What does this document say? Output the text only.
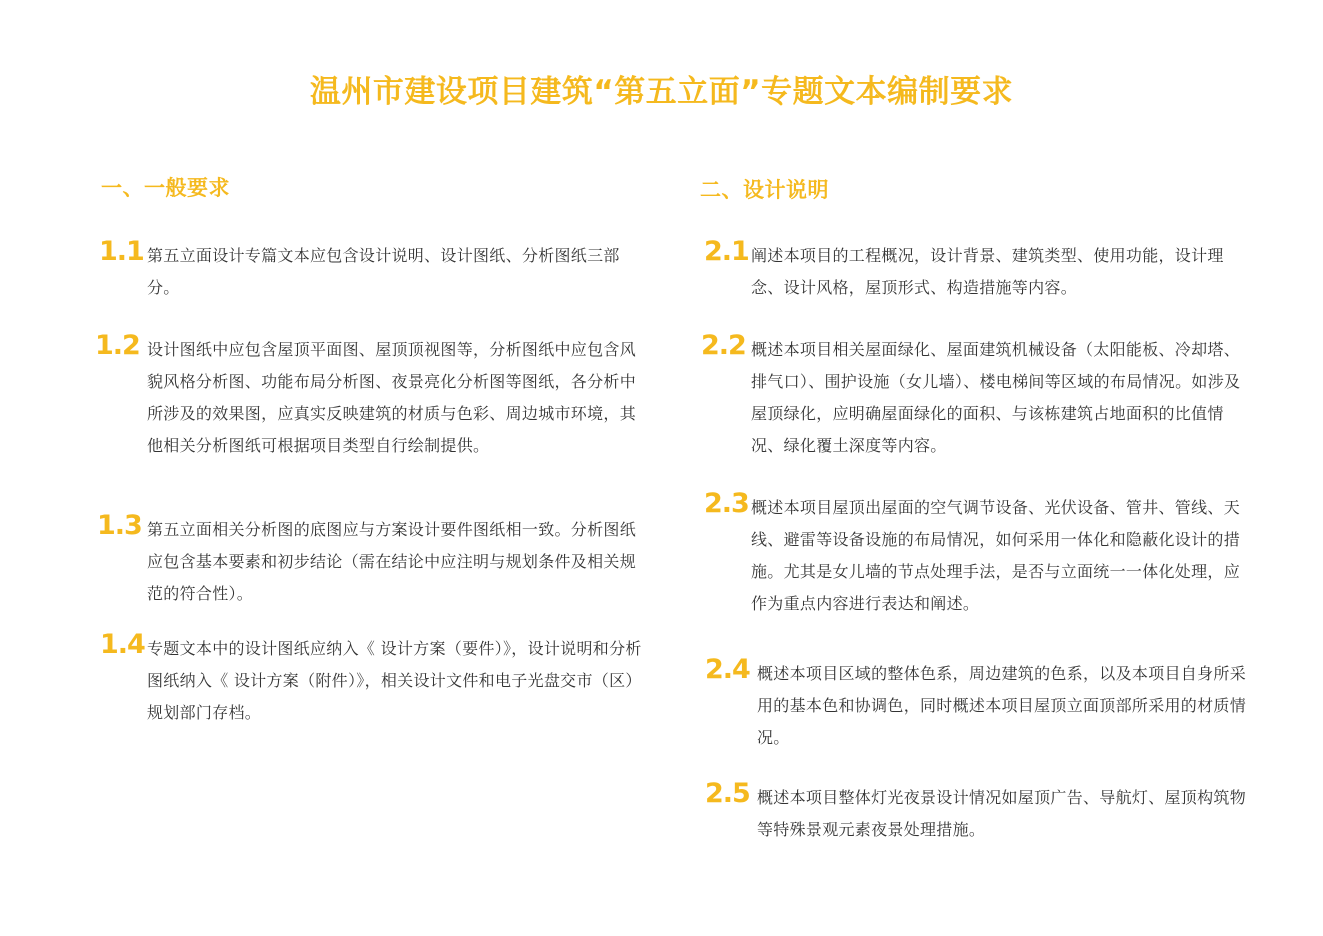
温州市建设项目建筑“第五立面”专题文本编制要求
一、一般要求
1.1 第五立面设计专篇文本应包含设计说明、设计图纸、分析图纸三部分。
1.2 设计图纸中应包含屋顶平面图、屋顶顶视图等，分析图纸中应包含风貌风格分析图、功能布局分析图、夜景亮化分析图等图纸，各分析中所涉及的效果图，应真实反映建筑的材质与色彩、周边城市环境，其他相关分析图纸可根据项目类型自行绘制提供。
1.3 第五立面相关分析图的底图应与方案设计要件图纸相一致。分析图纸应包含基本要素和初步结论（需在结论中应注明与规划条件及相关规范的符合性）。
1.4 专题文本中的设计图纸应纳入《 设计方案（要件）》，设计说明和分析图纸纳入《 设计方案（附件）》，相关设计文件和电子光盘交市（区）规划部门存档。
二、设计说明
2.1 阐述本项目的工程概况，设计背景、建筑类型、使用功能，设计理念、设计风格，屋顶形式、构造措施等内容。
2.2 概述本项目相关屋面绿化、屋面建筑机械设备（太阳能板、冷却塔、排气口）、围护设施（女儿墙）、楼电梯间等区域的布局情况。如涉及屋顶绿化，应明确屋面绿化的面积、与该栋建筑占地面积的比值情况、绿化覆土深度等内容。
2.3 概述本项目屋顶出屋面的空气调节设备、光伏设备、管井、管线、天线、避雷等设备设施的布局情况，如何采用一体化和隐蔽化设计的措施。尤其是女儿墙的节点处理手法，是否与立面统一一体化处理，应作为重点内容进行表达和阐述。
2.4 概述本项目区域的整体色系，周边建筑的色系，以及本项目自身所采用的基本色和协调色，同时概述本项目屋顶立面顶部所采用的材质情况。
2.5 概述本项目整体灯光夜景设计情况如屋顶广告、导航灯、屋顶构筑物等特殊景观元素夜景处理措施。
